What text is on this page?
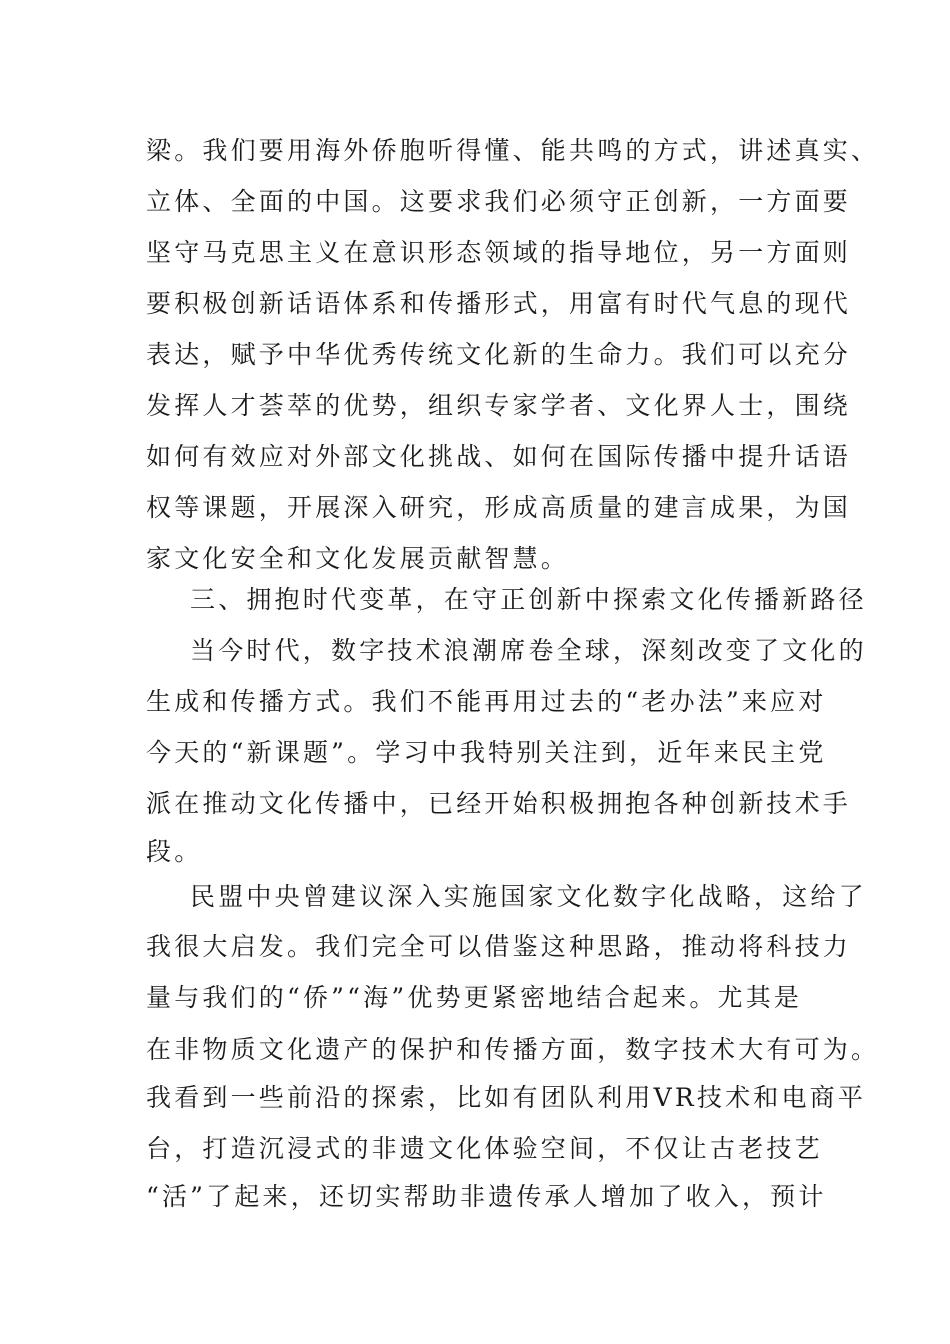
梁。我们要用海外侨胞听得懂、能共鸣的方式，讲述真实、
立体、全面的中国。这要求我们必须守正创新，一方面要
坚守马克思主义在意识形态领域的指导地位，另一方面则
要积极创新话语体系和传播形式，用富有时代气息的现代
表达，赋予中华优秀传统文化新的生命力。我们可以充分
发挥人才荟萃的优势，组织专家学者、文化界人士，围绕
如何有效应对外部文化挑战、如何在国际传播中提升话语
权等课题，开展深入研究，形成高质量的建言成果，为国
家文化安全和文化发展贡献智慧。
三、拥抱时代变革，在守正创新中探索文化传播新路径
当今时代，数字技术浪潮席卷全球，深刻改变了文化的
生成和传播方式。我们不能再用过去的“老办法”来应对
今天的“新课题”。学习中我特别关注到，近年来民主党
派在推动文化传播中，已经开始积极拥抱各种创新技术手
段。
民盟中央曾建议深入实施国家文化数字化战略，这给了
我很大启发。我们完全可以借鉴这种思路，推动将科技力
量与我们的“侨”“海”优势更紧密地结合起来。尤其是
在非物质文化遗产的保护和传播方面，数字技术大有可为。
我看到一些前沿的探索，比如有团队利用VR技术和电商平
台，打造沉浸式的非遗文化体验空间，不仅让古老技艺
“活”了起来，还切实帮助非遗传承人增加了收入，预计
